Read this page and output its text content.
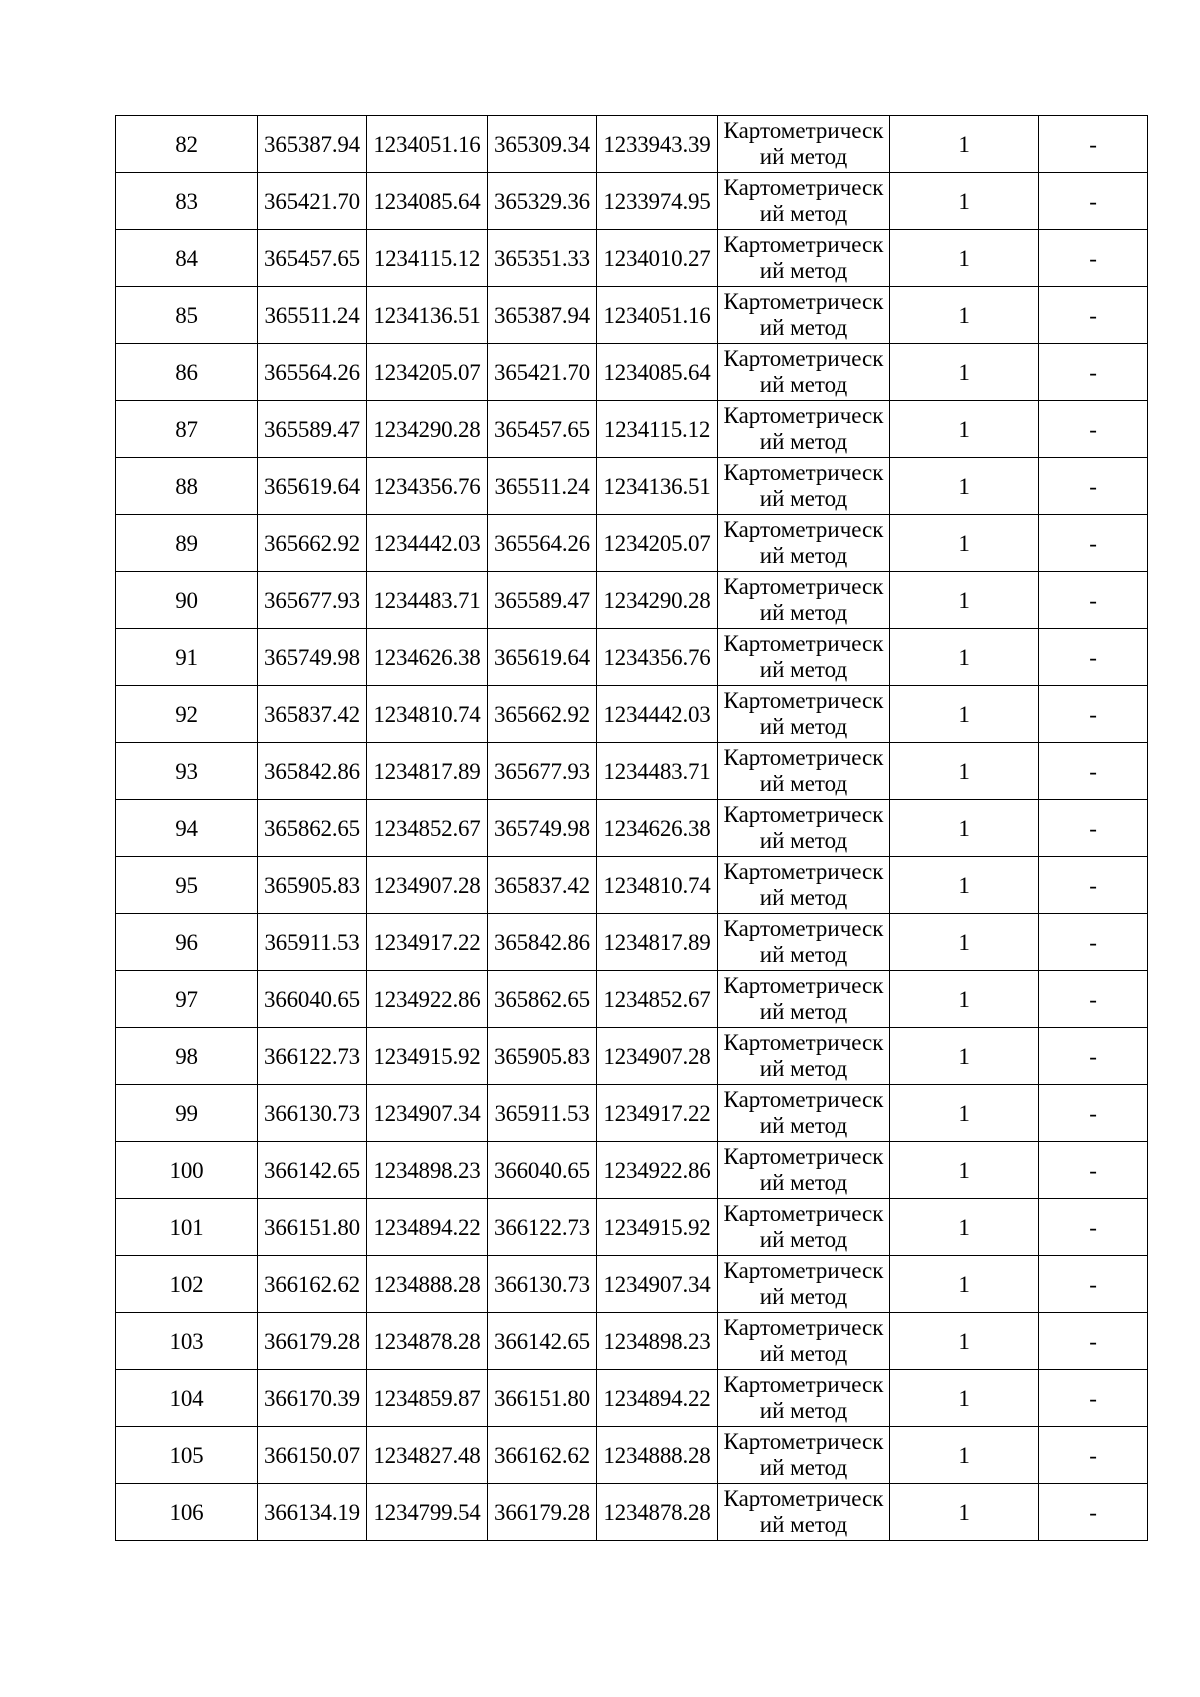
82	365387.94	1234051.16	365309.34	1233943.39	Картометрическ
ий метод	1	-
83	365421.70	1234085.64	365329.36	1233974.95	Картометрическ
ий метод	1	-
84	365457.65	1234115.12	365351.33	1234010.27	Картометрическ
ий метод	1	-
85	365511.24	1234136.51	365387.94	1234051.16	Картометрическ
ий метод	1	-
86	365564.26	1234205.07	365421.70	1234085.64	Картометрическ
ий метод	1	-
87	365589.47	1234290.28	365457.65	1234115.12	Картометрическ
ий метод	1	-
88	365619.64	1234356.76	365511.24	1234136.51	Картометрическ
ий метод	1	-
89	365662.92	1234442.03	365564.26	1234205.07	Картометрическ
ий метод	1	-
90	365677.93	1234483.71	365589.47	1234290.28	Картометрическ
ий метод	1	-
91	365749.98	1234626.38	365619.64	1234356.76	Картометрическ
ий метод	1	-
92	365837.42	1234810.74	365662.92	1234442.03	Картометрическ
ий метод	1	-
93	365842.86	1234817.89	365677.93	1234483.71	Картометрическ
ий метод	1	-
94	365862.65	1234852.67	365749.98	1234626.38	Картометрическ
ий метод	1	-
95	365905.83	1234907.28	365837.42	1234810.74	Картометрическ
ий метод	1	-
96	365911.53	1234917.22	365842.86	1234817.89	Картометрическ
ий метод	1	-
97	366040.65	1234922.86	365862.65	1234852.67	Картометрическ
ий метод	1	-
98	366122.73	1234915.92	365905.83	1234907.28	Картометрическ
ий метод	1	-
99	366130.73	1234907.34	365911.53	1234917.22	Картометрическ
ий метод	1	-
100	366142.65	1234898.23	366040.65	1234922.86	Картометрическ
ий метод	1	-
101	366151.80	1234894.22	366122.73	1234915.92	Картометрическ
ий метод	1	-
102	366162.62	1234888.28	366130.73	1234907.34	Картометрическ
ий метод	1	-
103	366179.28	1234878.28	366142.65	1234898.23	Картометрическ
ий метод	1	-
104	366170.39	1234859.87	366151.80	1234894.22	Картометрическ
ий метод	1	-
105	366150.07	1234827.48	366162.62	1234888.28	Картометрическ
ий метод	1	-
106	366134.19	1234799.54	366179.28	1234878.28	Картометрическ
ий метод	1	-
